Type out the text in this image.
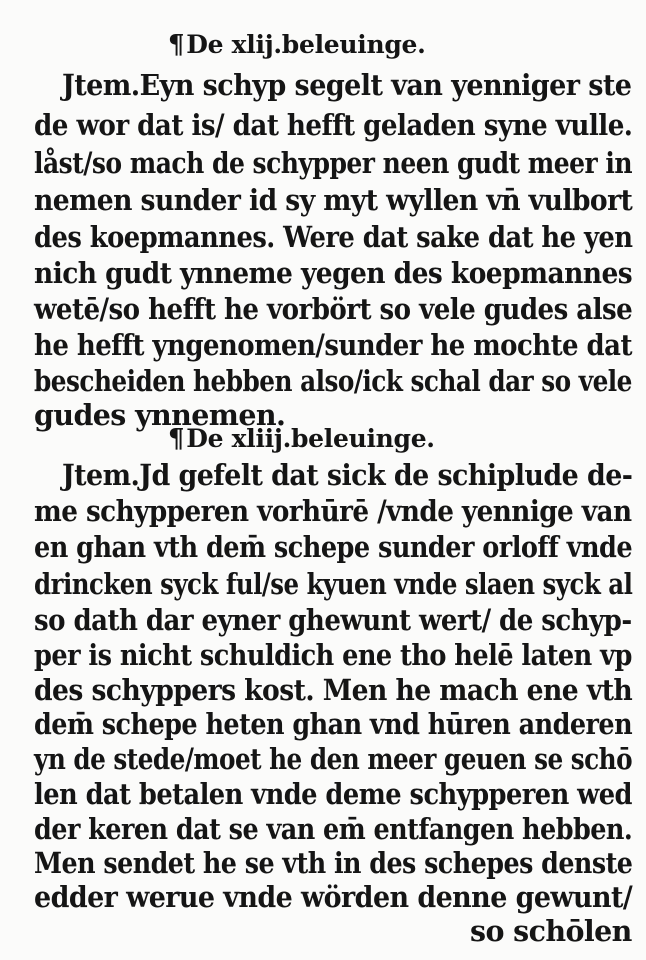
¶De xlij.beleuinge.
Jtem.Eyn schyp segelt van yenniger ste
de wor dat is/ dat hefft geladen syne vulle.
låst/so mach de schypper neen gudt meer in
nemen sunder id sy myt wyllen vn̄ vulbort
des koepmannes. Were dat sake dat he yen
nich gudt ynneme yegen des koepmannes
wetē/so hefft he vorbört so vele gudes alse
he hefft yngenomen/sunder he mochte dat
bescheiden hebben also/ick schal dar so vele
gudes ynnemen.
¶De xliij.beleuinge.
Jtem.Jd gefelt dat sick de schiplude de-
me schypperen vorhūrē /vnde yennige van
en ghan vth dem̄ schepe sunder orloff vnde
drincken syck ful/se kyuen vnde slaen syck al
so dath dar eyner ghewunt wert/ de schyp-
per is nicht schuldich ene tho helē laten vp
des schyppers kost. Men he mach ene vth
dem̄ schepe heten ghan vnd hūren anderen
yn de stede/moet he den meer geuen se schō
len dat betalen vnde deme schypperen wed
der keren dat se van em̄ entfangen hebben.
Men sendet he se vth in des schepes denste
edder werue vnde wörden denne gewunt/
so schōlen
